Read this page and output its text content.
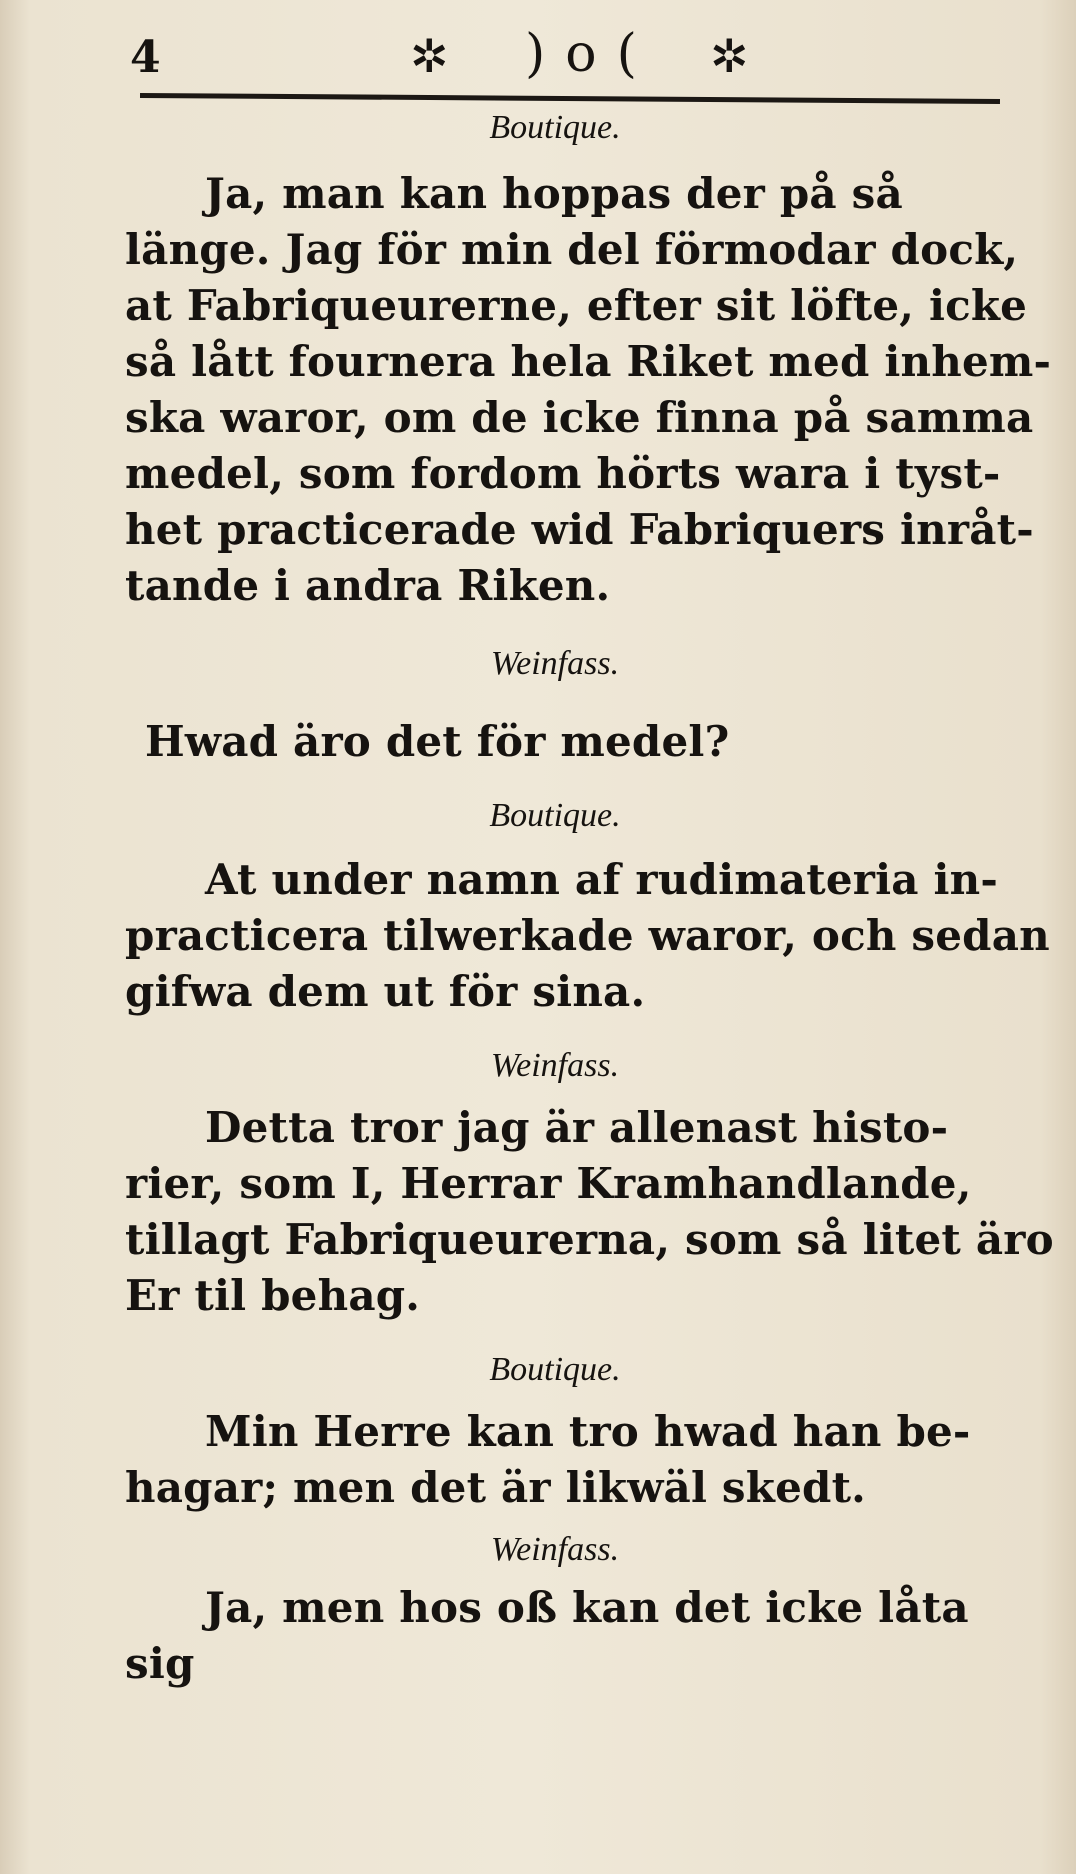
4	✲ )o( ✲
Boutique.
Ja, man kan hoppas der på så
länge. Jag för min del förmodar dock,
at Fabriqueurerne, efter sit löfte, icke
så lått fournera hela Riket med inhem-
ska waror, om de icke finna på samma
medel, som fordom hörts wara i tyst-
het practicerade wid Fabriquers inråt-
tande i andra Riken.
Weinfass.
Hwad äro det för medel?
Boutique.
At under namn af rudimateria in-
practicera tilwerkade waror, och sedan
gifwa dem ut för sina.
Weinfass.
Detta tror jag är allenast histo-
rier, som I, Herrar Kramhandlande,
tillagt Fabriqueurerna, som så litet äro
Er til behag.
Boutique.
Min Herre kan tro hwad han be-
hagar; men det är likwäl skedt.
Weinfass.
Ja, men hos oß kan det icke låta
sig
